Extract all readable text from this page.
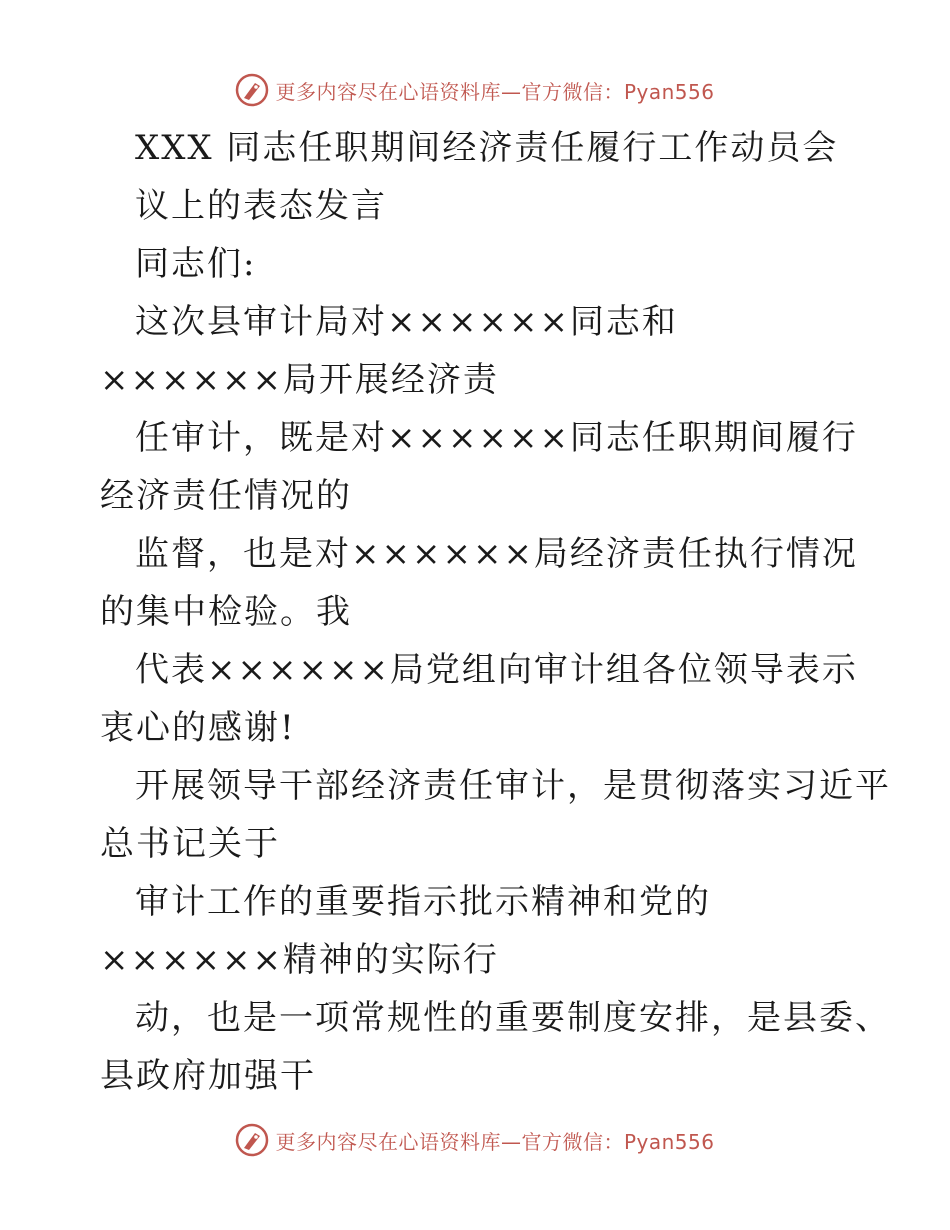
更多内容尽在心语资料库—官方微信：Pyan556
XXX 同志任职期间经济责任履行工作动员会
议上的表态发言
同志们:
这次县审计局对××××××同志和
××××××局开展经济责
任审计，既是对××××××同志任职期间履行
经济责任情况的
监督，也是对××××××局经济责任执行情况
的集中检验。我
代表××××××局党组向审计组各位领导表示
衷心的感谢!
开展领导干部经济责任审计，是贯彻落实习近平
总书记关于
审计工作的重要指示批示精神和党的
××××××精神的实际行
动，也是一项常规性的重要制度安排，是县委、
县政府加强干
更多内容尽在心语资料库—官方微信：Pyan556
